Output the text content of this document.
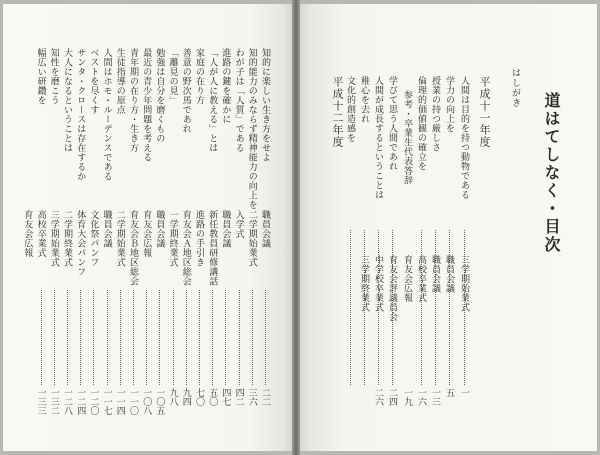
道はてしなく・目次
はしがき
平成十一年度
平成十二年度	人間は目的を持つ動物である
一
学力の向上を
五
授業の持つ厳しさ
一三
倫理的価値観の確立を
一六
参考・卒業生代表答辞
一九
学びて思う人間であれ
二四
人間が成長するということは
二六
稚心を去れ
文化的創造感を
三学期始業式
職員会議
職員会議
高校卒業式
育友会広報
育友会評議員会
中学校卒業式
三学期終業式
知的に楽しい生き方をせよ
二二
知的能力のみならず精神能力の向上を
三六
わが子は「人質」である
四二
進路の鍵を確かに
四七
「人が人に教える」とは
五〇
家庭の在り方
七〇
善意の野次馬であれ
九四
「離見の見」
九八
勉強は自分を磨くもの
一〇五
最近の青少年問題を考える
一〇八
青年期の在り方・生き方
一一〇
生徒指導の原点
一一四
人間はホモ・ルーデンスである
一一七
ベストを尽くす
一二〇
サンタ・クロースは存在するか
一二四
大人になるということは
一二八
知性を磨こう
一三二
幅広い研鑽を
一三三
職員会議
二学期始業式
入学式
職員会議
新任教員研修講話
進路の手引き
育友会Ａ地区総会
一学期終業式
職員会議
育友会広報
育友会Ｂ地区総会
二学期始業式
職員会議
文化祭パンフ
体育大会パンフ
二学期終業式
三学期始業式
高校卒業式
育友会広報
